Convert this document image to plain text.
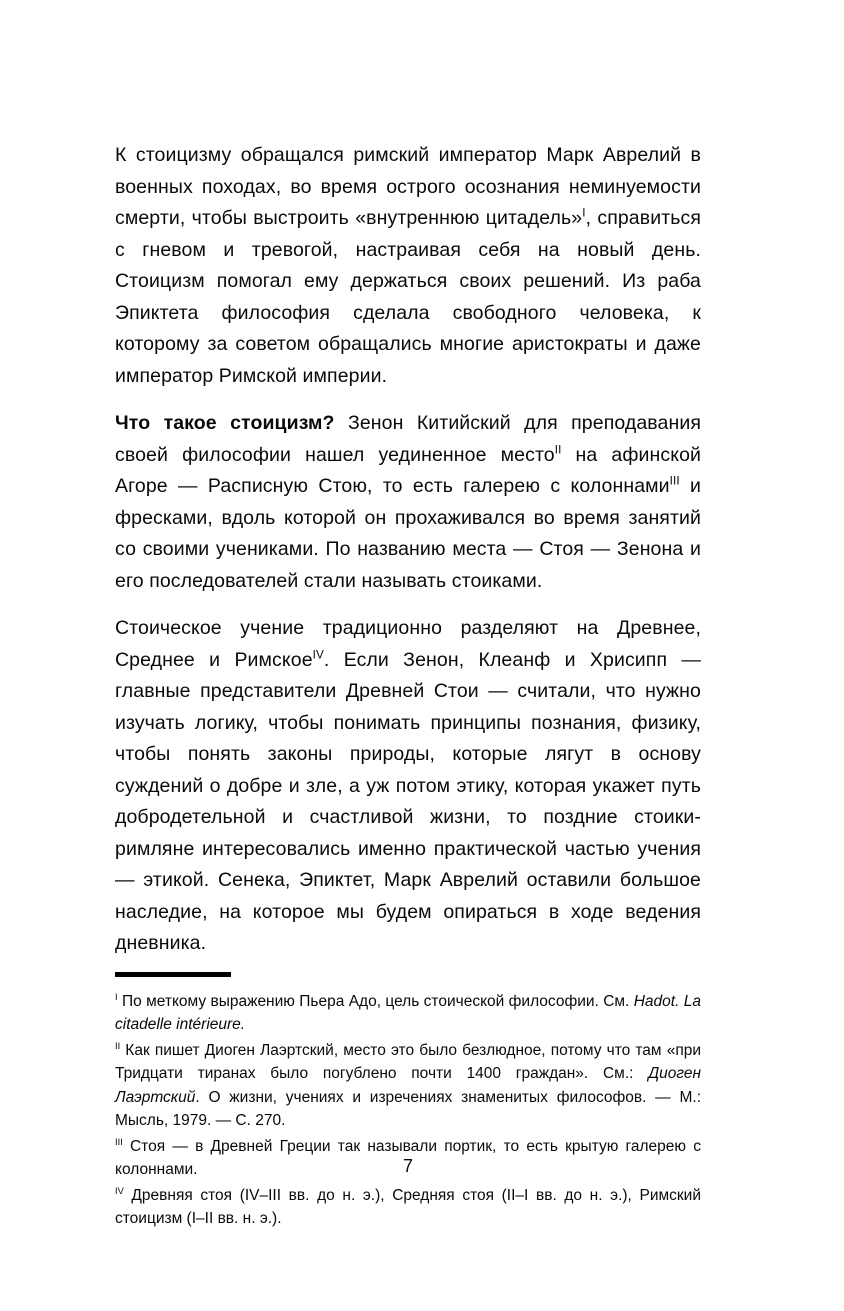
К стоицизму обращался римский император Марк Аврелий в военных походах, во время острого осознания неминуемости смерти, чтобы выстроить «внутреннюю цитадель»$^I$, справиться с гневом и тревогой, настраивая себя на новый день. Стоицизм помогал ему держаться своих решений. Из раба Эпиктета философия сделала свободного человека, к которому за советом обращались многие аристократы и даже император Римской империи.

Что такое стоицизм? Зенон Китийский для преподавания своей философии нашел уединенное место$^{II}$ на афинской Агоре — Расписную Стою, то есть галерею с колоннами$^{III}$ и фресками, вдоль которой он прохаживался во время занятий со своими учениками. По названию места — Стоя — Зенона и его последователей стали называть стоиками.

Стоическое учение традиционно разделяют на Древнее, Среднее и Римское$^{IV}$. Если Зенон, Клеанф и Хрисипп — главные представители Древней Стои — считали, что нужно изучать логику, чтобы понимать принципы познания, физику, чтобы понять законы природы, которые лягут в основу суждений о добре и зле, а уж потом этику, которая укажет путь добродетельной и счастливой жизни, то поздние стоики-римляне интересовались именно практической частью учения — этикой. Сенека, Эпиктет, Марк Аврелий оставили большое наследие, на которое мы будем опираться в ходе ведения дневника.

$^I$ По меткому выражению Пьера Адо, цель стоической философии. См. Hadot. La citadelle intérieure.

$^{II}$ Как пишет Диоген Лаэртский, место это было безлюдное, потому что там «при Тридцати тиранах было погублено почти 1400 граждан». См.: Диоген Лаэртский. О жизни, учениях и изречениях знаменитых философов. — М.: Мысль, 1979. — С. 270.

$^{III}$ Стоя — в Древней Греции так называли портик, то есть крытую галерею с колоннами.

$^{IV}$ Древняя стоя (IV–III вв. до н. э.), Средняя стоя (II–I вв. до н. э.), Римский стоицизм (I–II вв. н. э.).

7
